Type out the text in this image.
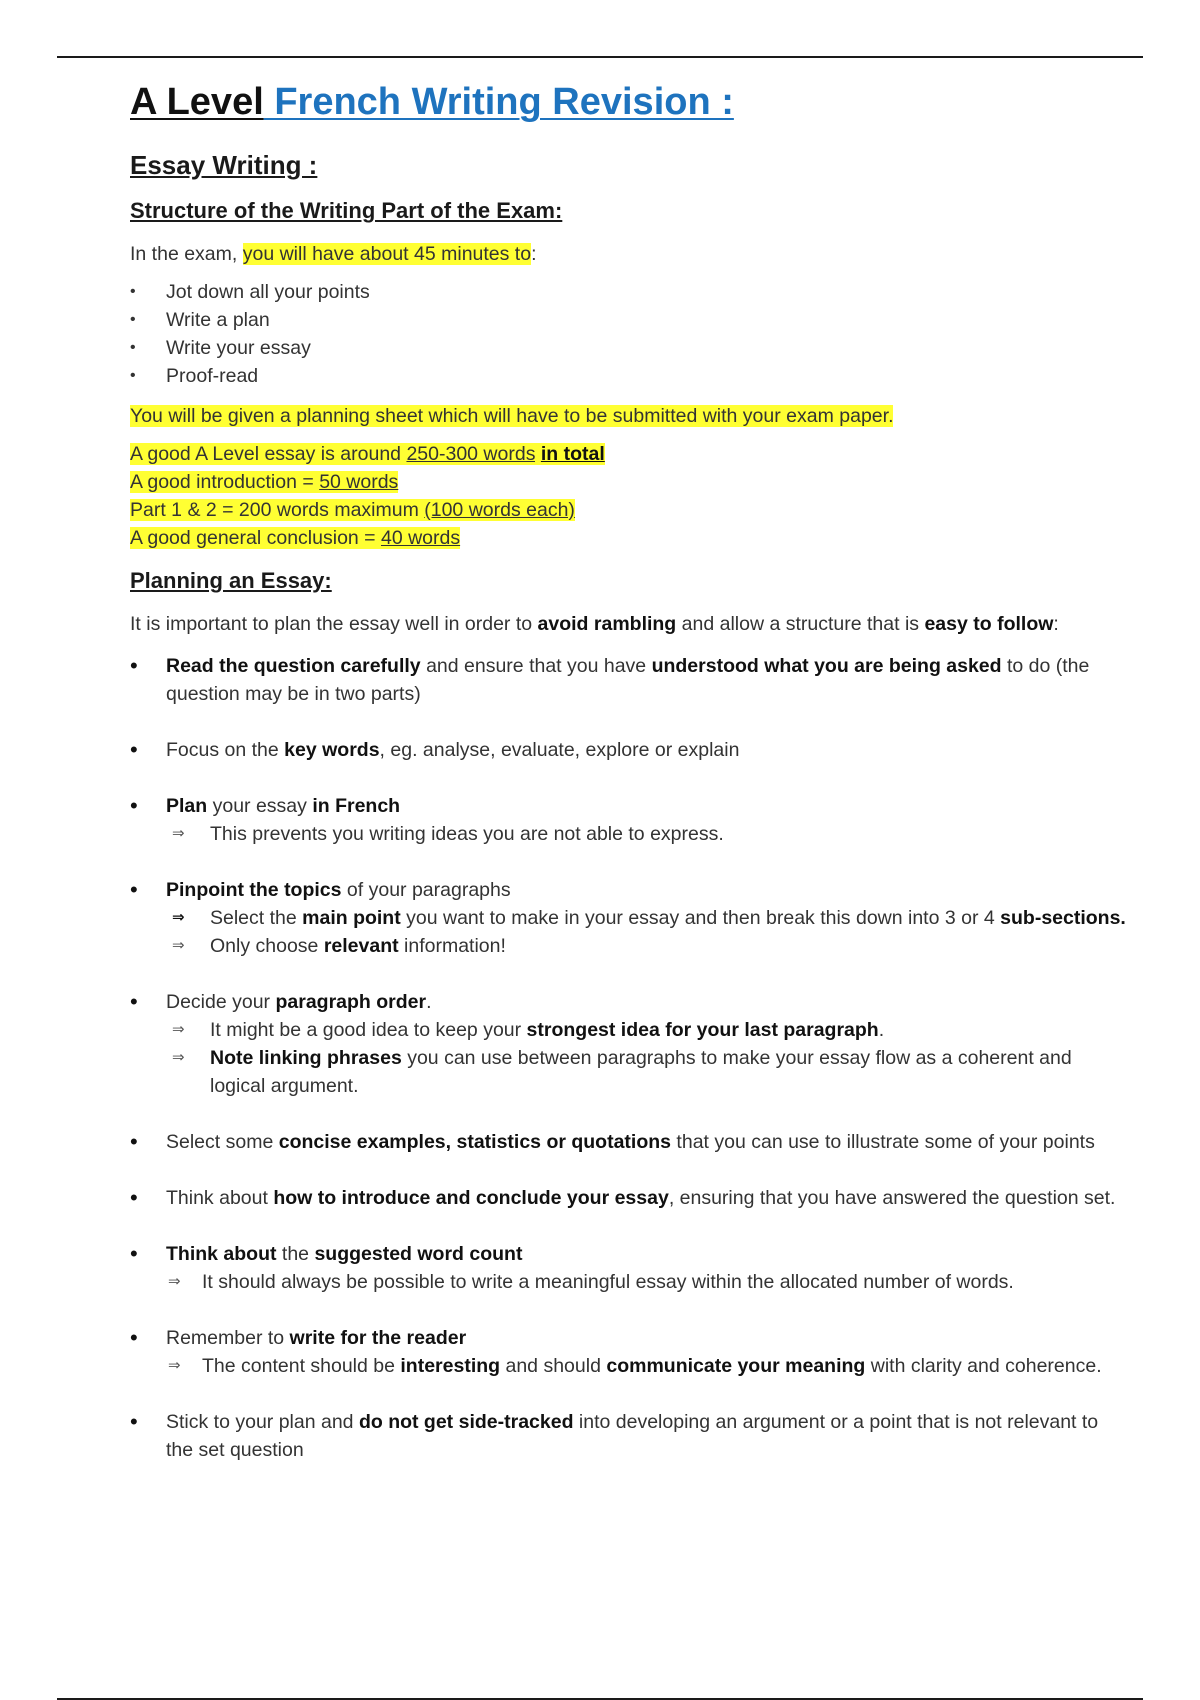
A Level French Writing Revision :
Essay Writing :
Structure of the Writing Part of the Exam:

In the exam, you will have about 45 minutes to:

• Jot down all your points
• Write a plan
• Write your essay
• Proof-read

You will be given a planning sheet which will have to be submitted with your exam paper.

A good A Level essay is around 250-300 words in total
A good introduction = 50 words
Part 1 & 2 = 200 words maximum (100 words each)
A good general conclusion = 40 words
Planning an Essay:

It is important to plan the essay well in order to avoid rambling and allow a structure that is easy to follow:

• Read the question carefully and ensure that you have understood what you are being asked to do (the question may be in two parts)
• Focus on the key words, eg. analyse, evaluate, explore or explain
• Plan your essay in French
⇒ This prevents you writing ideas you are not able to express.
• Pinpoint the topics of your paragraphs
⇒ Select the main point you want to make in your essay and then break this down into 3 or 4 sub-sections.
⇒ Only choose relevant information!
• Decide your paragraph order.
⇒ It might be a good idea to keep your strongest idea for your last paragraph.
⇒ Note linking phrases you can use between paragraphs to make your essay flow as a coherent and logical argument.
• Select some concise examples, statistics or quotations that you can use to illustrate some of your points
• Think about how to introduce and conclude your essay, ensuring that you have answered the question set.
• Think about the suggested word count
⇒ It should always be possible to write a meaningful essay within the allocated number of words.
• Remember to write for the reader
⇒ The content should be interesting and should communicate your meaning with clarity and coherence.
• Stick to your plan and do not get side-tracked into developing an argument or a point that is not relevant to the set question
